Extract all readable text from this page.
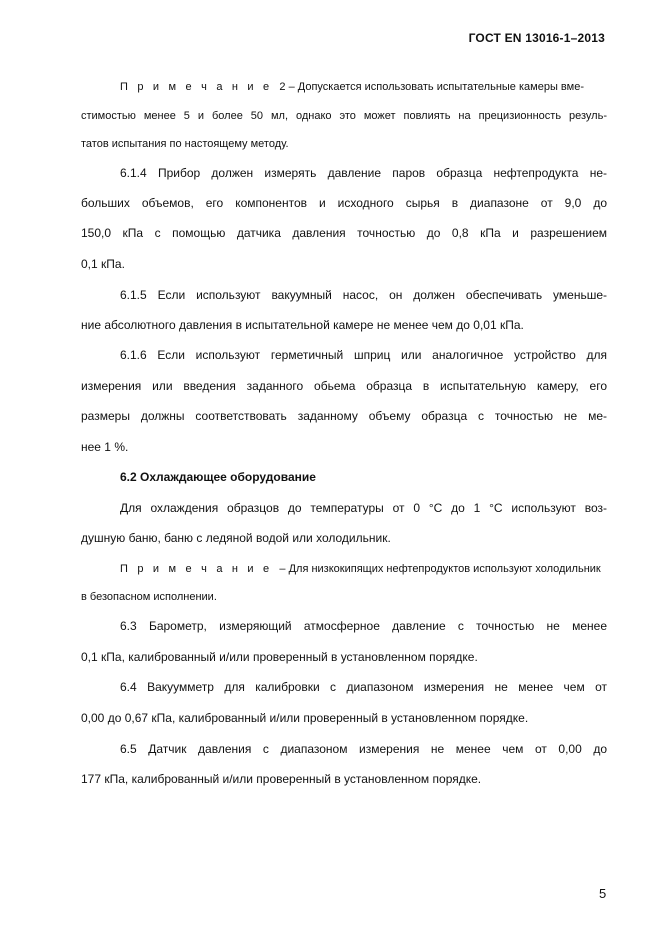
ГОСТ EN 13016-1–2013
П р и м е ч а н и е 2 – Допускается использовать испытательные камеры вме-
стимостью менее 5 и более 50 мл, однако это может повлиять на прецизионность резуль-
татов испытания по настоящему методу.
6.1.4 Прибор должен измерять давление паров образца нефтепродукта не-
больших объемов, его компонентов и исходного сырья в диапазоне от 9,0 до
150,0 кПа с помощью датчика давления точностью до 0,8 кПа и разрешением
0,1 кПа.
6.1.5 Если используют вакуумный насос, он должен обеспечивать уменьше-
ние абсолютного давления в испытательной камере не менее чем до 0,01 кПа.
6.1.6 Если используют герметичный шприц или аналогичное устройство для
измерения или введения заданного обьема образца в испытательную камеру, его
размеры должны соответствовать заданному объему образца с точностью не ме-
нее 1 %.
6.2 Охлаждающее оборудование
Для охлаждения образцов до температуры от 0 °C до 1 °C используют воз-
душную баню, баню с ледяной водой или холодильник.
П р и м е ч а н и е – Для низкокипящих нефтепродуктов используют холодильник
в безопасном исполнении.
6.3 Барометр, измеряющий атмосферное давление с точностью не менее
0,1 кПа, калиброванный и/или проверенный в установленном порядке.
6.4 Вакуумметр для калибровки с диапазоном измерения не менее чем от
0,00 до 0,67 кПа, калиброванный и/или проверенный в установленном порядке.
6.5 Датчик давления с диапазоном измерения не менее чем от 0,00 до
177 кПа, калиброванный и/или проверенный в установленном порядке.
5
